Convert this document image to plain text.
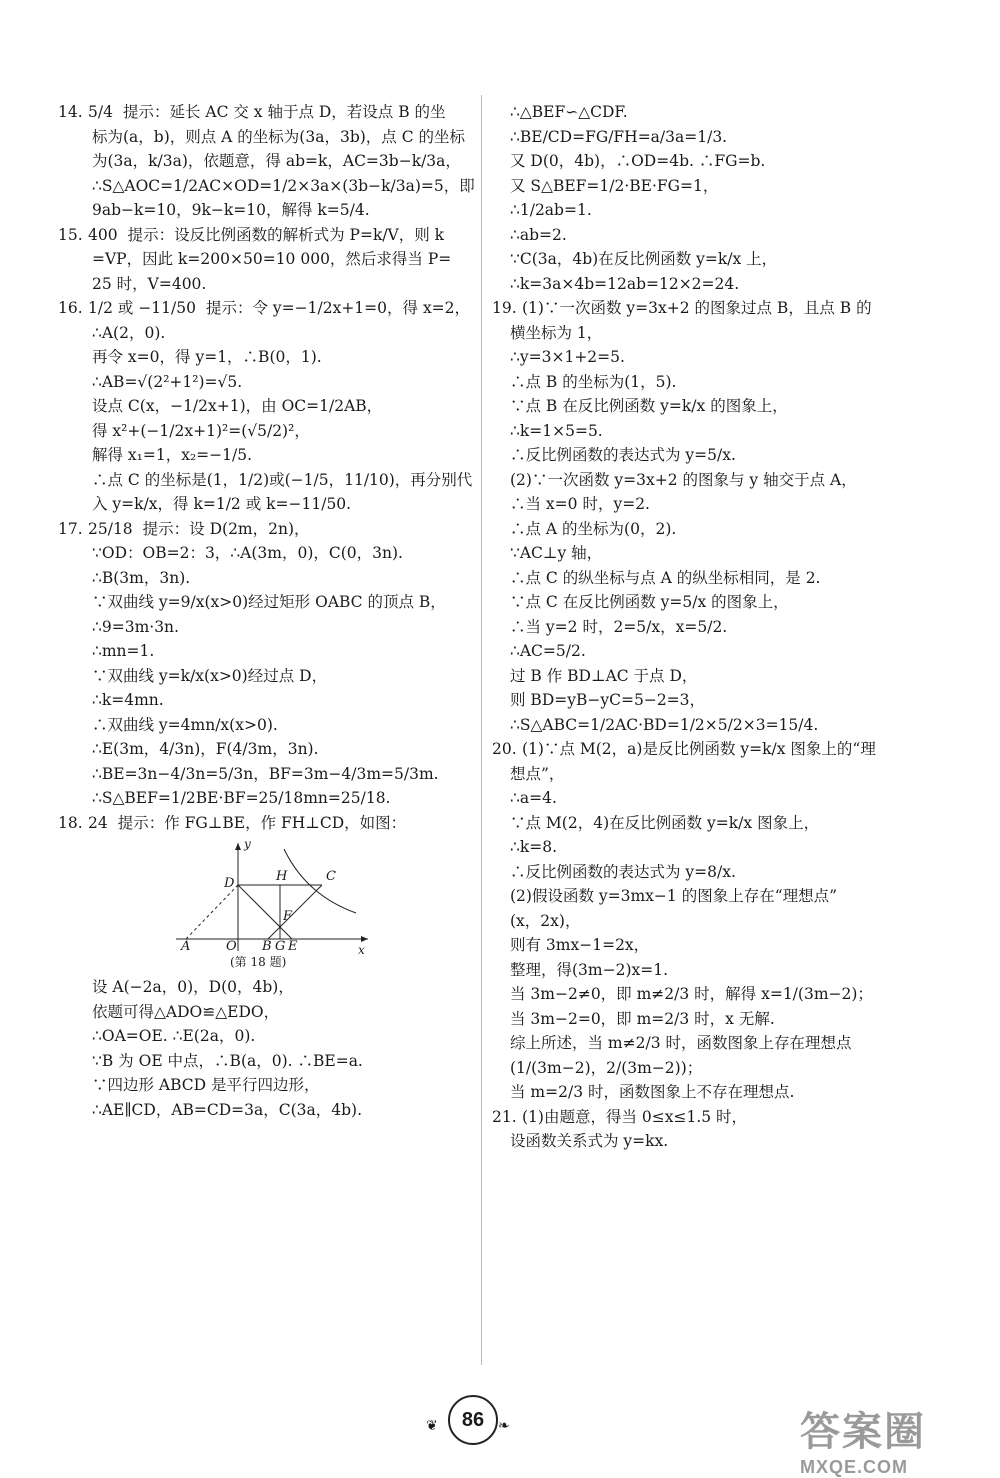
14. 5/4 提示：延长 AC 交 x 轴于点 D，若设点 B 的坐
标为(a，b)，则点 A 的坐标为(3a，3b)，点 C 的坐标
为(3a，k/3a)，依题意，得 ab=k，AC=3b−k/3a，
∴S△AOC=1/2AC×OD=1/2×3a×(3b−k/3a)=5，即
9ab−k=10，9k−k=10，解得 k=5/4.
15. 400 提示：设反比例函数的解析式为 P=k/V，则 k
=VP，因此 k=200×50=10 000，然后求得当 P=
25 时，V=400.
16. 1/2 或 −11/50 提示：令 y=−1/2x+1=0，得 x=2，
∴A(2，0).
再令 x=0，得 y=1，∴B(0，1).
∴AB=√(2²+1²)=√5.
设点 C(x，−1/2x+1)，由 OC=1/2AB，
得 x²+(−1/2x+1)²=(√5/2)²，
解得 x₁=1，x₂=−1/5.
∴点 C 的坐标是(1，1/2)或(−1/5，11/10)，再分别代
入 y=k/x，得 k=1/2 或 k=−11/50.
17. 25/18 提示：设 D(2m，2n)，
∵OD：OB=2：3，∴A(3m，0)，C(0，3n).
∴B(3m，3n).
∵双曲线 y=9/x(x>0)经过矩形 OABC 的顶点 B，
∴9=3m·3n.
∴mn=1.
∵双曲线 y=k/x(x>0)经过点 D，
∴k=4mn.
∴双曲线 y=4mn/x(x>0).
∴E(3m，4/3n)，F(4/3m，3n).
∴BE=3n−4/3n=5/3n，BF=3m−4/3m=5/3m.
∴S△BEF=1/2BE·BF=25/18mn=25/18.
18. 24 提示：作 FG⊥BE，作 FH⊥CD，如图：
y
D	H	C
F
O
A	B G E	x
(第 18 题)
设 A(−2a，0)，D(0，4b)，
依题可得△ADO≌△EDO，
∴OA=OE. ∴E(2a，0).
∵B 为 OE 中点，∴B(a，0). ∴BE=a.
∵四边形 ABCD 是平行四边形，
∴AE∥CD，AB=CD=3a，C(3a，4b).
∴△BEF∽△CDF.
∴BE/CD=FG/FH=a/3a=1/3.
又 D(0，4b)，∴OD=4b. ∴FG=b.
又 S△BEF=1/2·BE·FG=1，
∴1/2ab=1.
∴ab=2.
∵C(3a，4b)在反比例函数 y=k/x 上，
∴k=3a×4b=12ab=12×2=24.
19. (1)∵一次函数 y=3x+2 的图象过点 B，且点 B 的
横坐标为 1，
∴y=3×1+2=5.
∴点 B 的坐标为(1，5).
∵点 B 在反比例函数 y=k/x 的图象上，
∴k=1×5=5.
∴反比例函数的表达式为 y=5/x.
(2)∵一次函数 y=3x+2 的图象与 y 轴交于点 A，
∴当 x=0 时，y=2.
∴点 A 的坐标为(0，2).
∵AC⊥y 轴，
∴点 C 的纵坐标与点 A 的纵坐标相同，是 2.
∵点 C 在反比例函数 y=5/x 的图象上，
∴当 y=2 时，2=5/x，x=5/2.
∴AC=5/2.
过 B 作 BD⊥AC 于点 D，
则 BD=yB−yC=5−2=3，
∴S△ABC=1/2AC·BD=1/2×5/2×3=15/4.
20. (1)∵点 M(2，a)是反比例函数 y=k/x 图象上的“理
想点”，
∴a=4.
∵点 M(2，4)在反比例函数 y=k/x 图象上，
∴k=8.
∴反比例函数的表达式为 y=8/x.
(2)假设函数 y=3mx−1 的图象上存在“理想点”
(x，2x)，
则有 3mx−1=2x，
整理，得(3m−2)x=1.
当 3m−2≠0，即 m≠2/3 时，解得 x=1/(3m−2)；
当 3m−2=0，即 m=2/3 时，x 无解.
综上所述，当 m≠2/3 时，函数图象上存在理想点
(1/(3m−2)，2/(3m−2))；
当 m=2/3 时，函数图象上不存在理想点.
21. (1)由题意，得当 0≤x≤1.5 时，
设函数关系式为 y=kx.
❦	86 ❧	答案圈
MXQE.COM
